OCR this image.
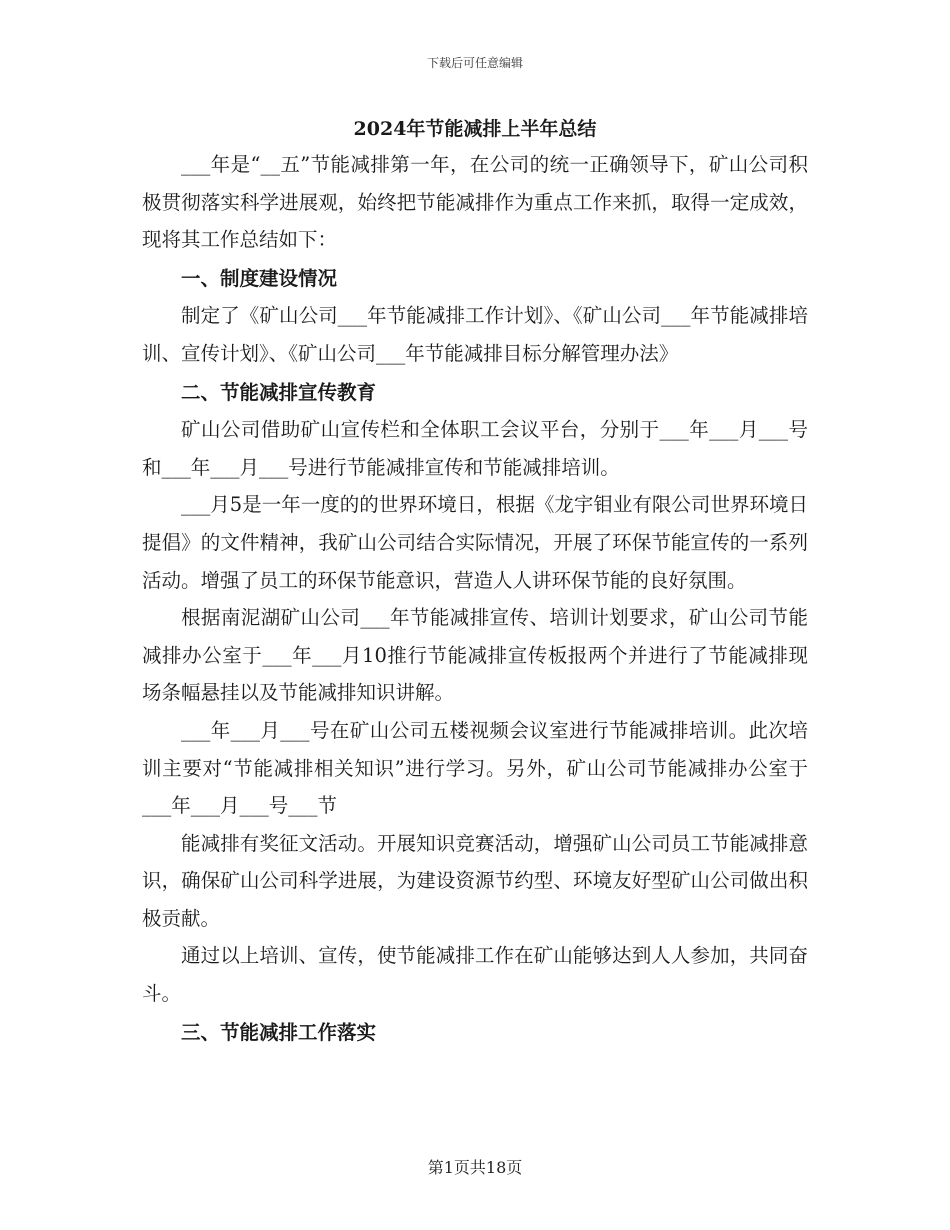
下载后可任意编辑
2024年节能减排上半年总结

___年是“__五”节能减排第一年，在公司的统一正确领导下，矿山公司积极贯彻落实科学进展观，始终把节能减排作为重点工作来抓，取得一定成效，现将其工作总结如下：

一、制度建设情况

制定了《矿山公司___年节能减排工作计划》、《矿山公司___年节能减排培训、宣传计划》、《矿山公司___年节能减排目标分解管理办法》

二、节能减排宣传教育

矿山公司借助矿山宣传栏和全体职工会议平台，分别于___年___月___号和___年___月___号进行节能减排宣传和节能减排培训。

___月5是一年一度的的世界环境日，根据《龙宇钼业有限公司世界环境日提倡》的文件精神，我矿山公司结合实际情况，开展了环保节能宣传的一系列活动。增强了员工的环保节能意识，营造人人讲环保节能的良好氛围。

根据南泥湖矿山公司___年节能减排宣传、培训计划要求，矿山公司节能减排办公室于___年___月10推行节能减排宣传板报两个并进行了节能减排现场条幅悬挂以及节能减排知识讲解。

___年___月___号在矿山公司五楼视频会议室进行节能减排培训。此次培训主要对“节能减排相关知识”进行学习。另外，矿山公司节能减排办公室于___年___月___号___节

能减排有奖征文活动。开展知识竞赛活动，增强矿山公司员工节能减排意识，确保矿山公司科学进展，为建设资源节约型、环境友好型矿山公司做出积极贡献。

通过以上培训、宣传，使节能减排工作在矿山能够达到人人参加，共同奋斗。

三、节能减排工作落实
第1页共18页
